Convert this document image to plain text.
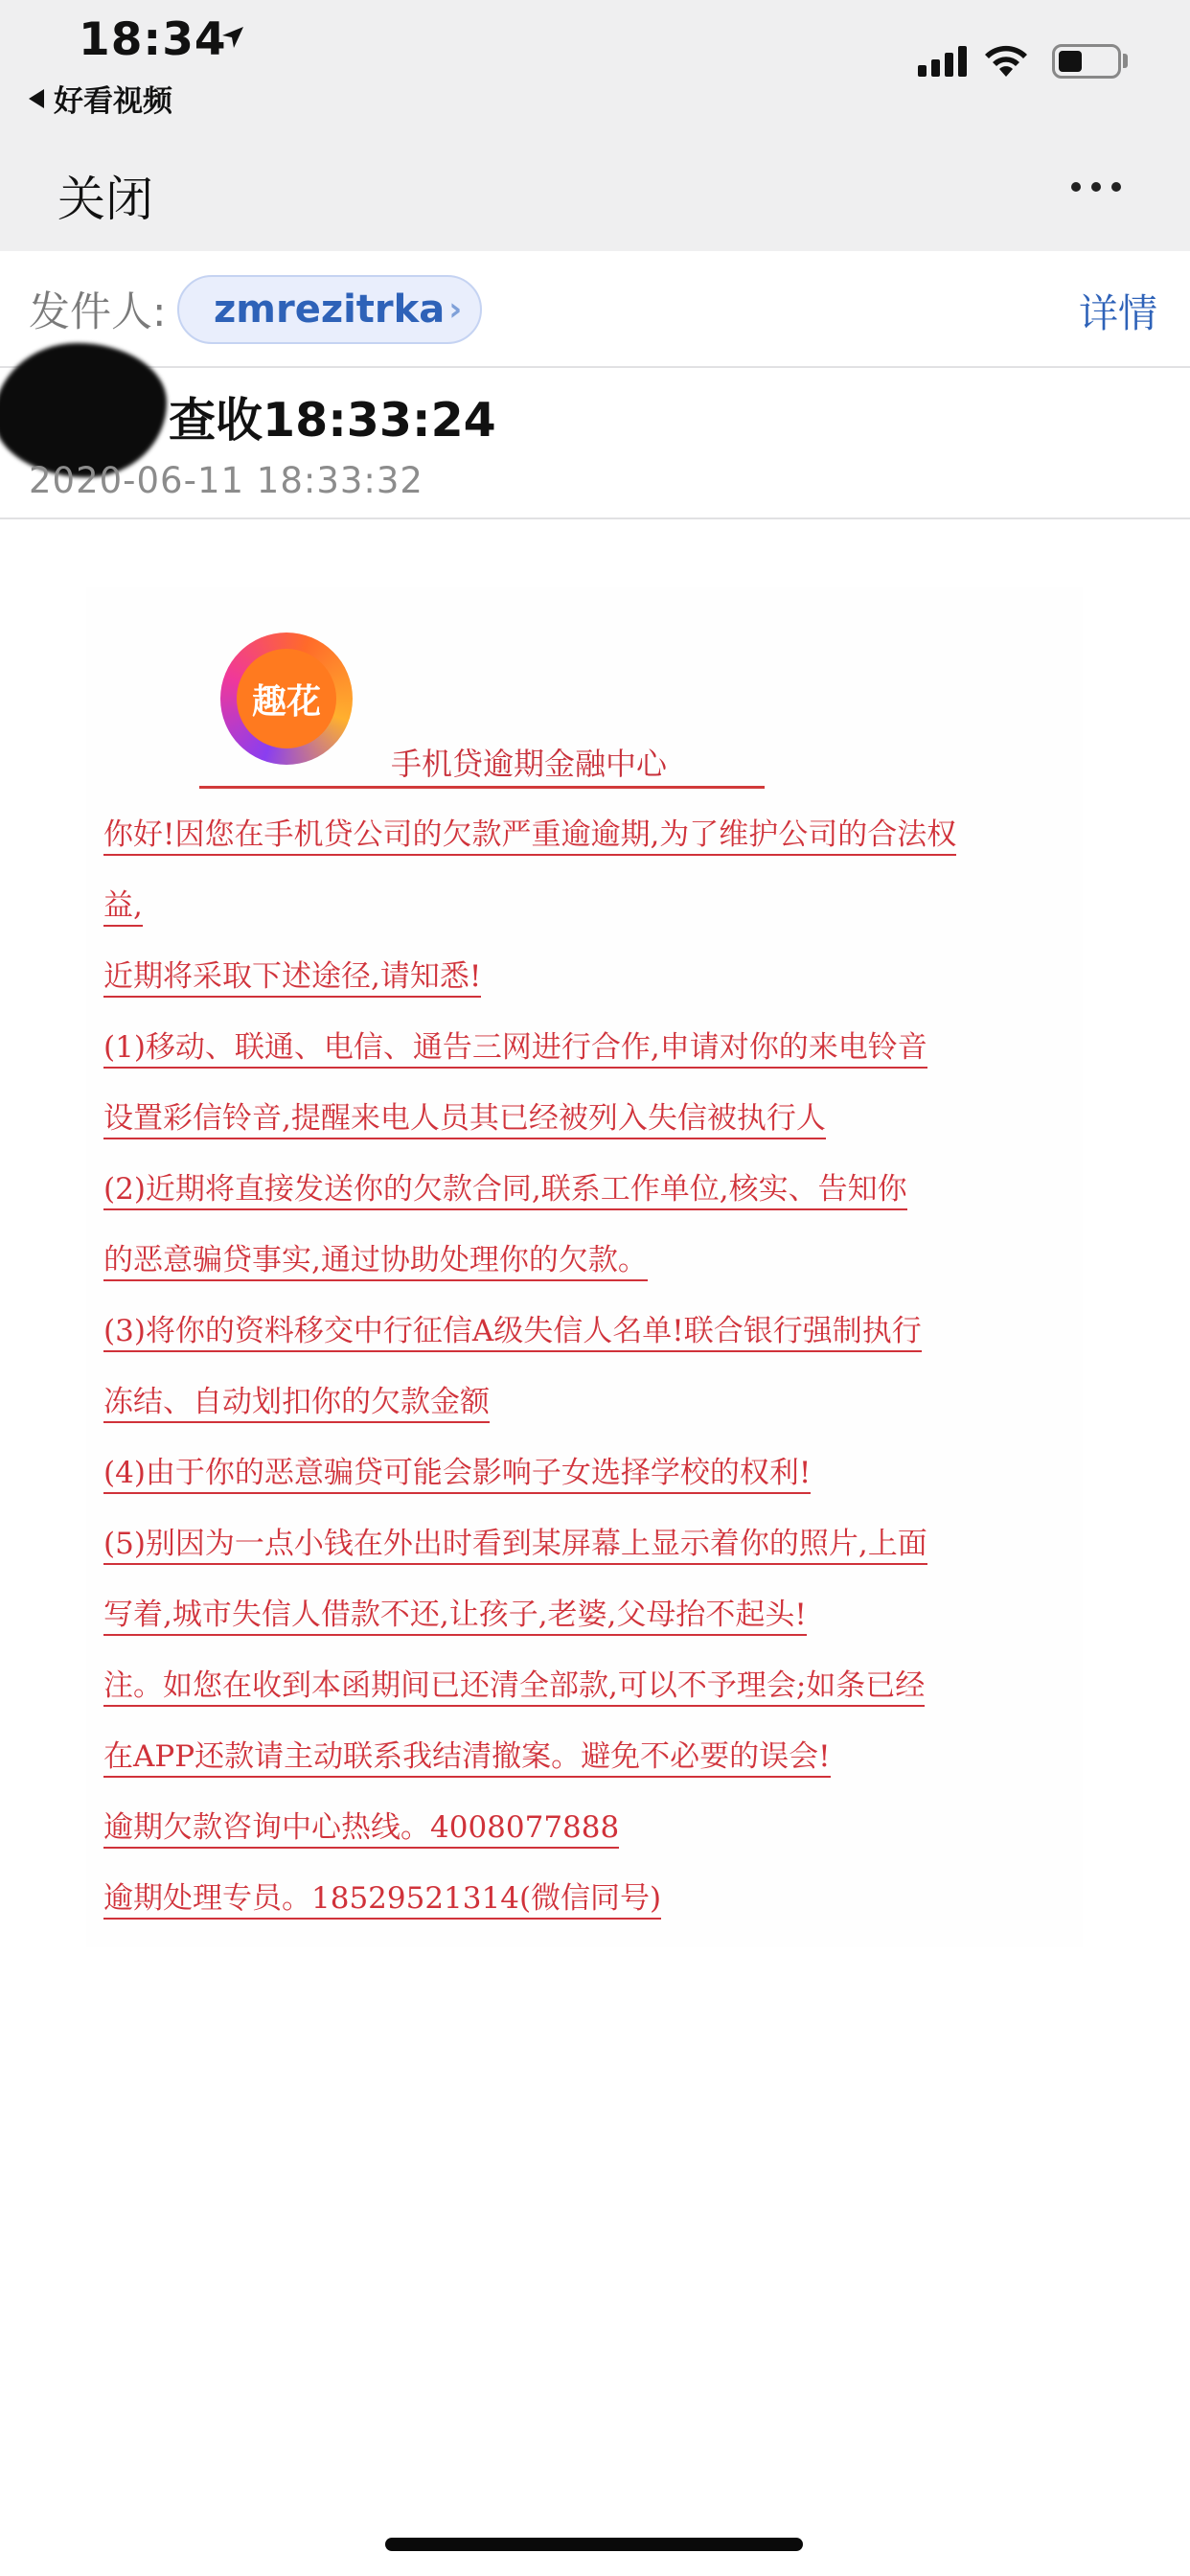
18:34
好看视频
关闭
发件人: zmrezitrka ›	详情
查收18:33:24
2020-06-11 18:33:32
趣花
手机贷逾期金融中心
你好!因您在手机贷公司的欠款严重逾逾期,为了维护公司的合法权
益,
近期将采取下述途径,请知悉!
(1)移动、联通、电信、通告三网进行合作,申请对你的来电铃音
设置彩信铃音,提醒来电人员其已经被列入失信被执行人
(2)近期将直接发送你的欠款合同,联系工作单位,核实、告知你
的恶意骗贷事实,通过协助处理你的欠款。
(3)将你的资料移交中行征信A级失信人名单!联合银行强制执行
冻结、自动划扣你的欠款金额
(4)由于你的恶意骗贷可能会影响子女选择学校的权利!
(5)别因为一点小钱在外出时看到某屏幕上显示着你的照片,上面
写着,城市失信人借款不还,让孩子,老婆,父母抬不起头!
注。如您在收到本函期间已还清全部款,可以不予理会;如条已经
在APP还款请主动联系我结清撤案。避免不必要的误会!
逾期欠款咨询中心热线。4008077888
逾期处理专员。18529521314(微信同号)
